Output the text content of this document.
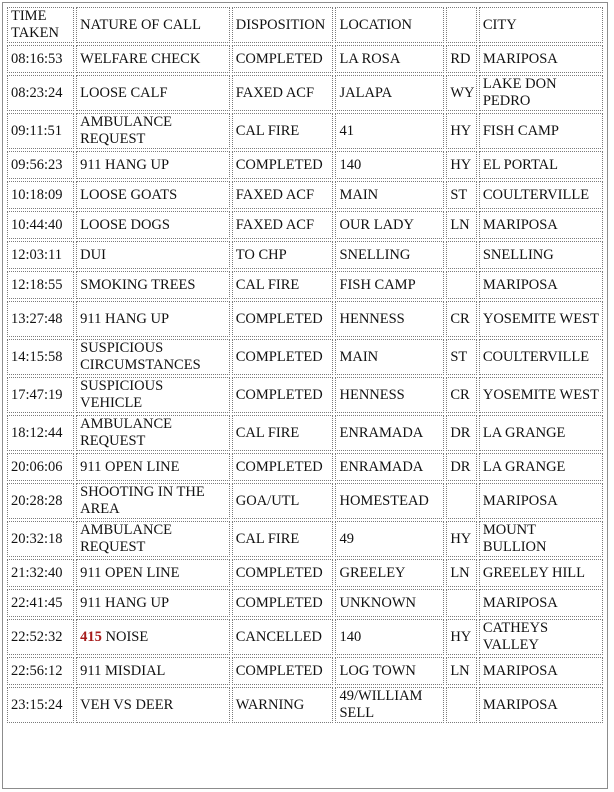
TIME TAKEN	NATURE OF CALL	DISPOSITION	LOCATION		CITY
08:16:53	WELFARE CHECK	COMPLETED	LA ROSA	RD	MARIPOSA
08:23:24	LOOSE CALF	FAXED ACF	JALAPA	WY	LAKE DON PEDRO
09:11:51	AMBULANCE REQUEST	CAL FIRE	41	HY	FISH CAMP
09:56:23	911 HANG UP	COMPLETED	140	HY	EL PORTAL
10:18:09	LOOSE GOATS	FAXED ACF	MAIN	ST	COULTERVILLE
10:44:40	LOOSE DOGS	FAXED ACF	OUR LADY	LN	MARIPOSA
12:03:11	DUI	TO CHP	SNELLING		SNELLING
12:18:55	SMOKING TREES	CAL FIRE	FISH CAMP		MARIPOSA
13:27:48	911 HANG UP	COMPLETED	HENNESS	CR	YOSEMITE WEST
14:15:58	SUSPICIOUS CIRCUMSTANCES	COMPLETED	MAIN	ST	COULTERVILLE
17:47:19	SUSPICIOUS VEHICLE	COMPLETED	HENNESS	CR	YOSEMITE WEST
18:12:44	AMBULANCE REQUEST	CAL FIRE	ENRAMADA	DR	LA GRANGE
20:06:06	911 OPEN LINE	COMPLETED	ENRAMADA	DR	LA GRANGE
20:28:28	SHOOTING IN THE AREA	GOA/UTL	HOMESTEAD		MARIPOSA
20:32:18	AMBULANCE REQUEST	CAL FIRE	49	HY	MOUNT BULLION
21:32:40	911 OPEN LINE	COMPLETED	GREELEY	LN	GREELEY HILL
22:41:45	911 HANG UP	COMPLETED	UNKNOWN		MARIPOSA
22:52:32	415 NOISE	CANCELLED	140	HY	CATHEYS VALLEY
22:56:12	911 MISDIAL	COMPLETED	LOG TOWN	LN	MARIPOSA
23:15:24	VEH VS DEER	WARNING	49/WILLIAM SELL		MARIPOSA
